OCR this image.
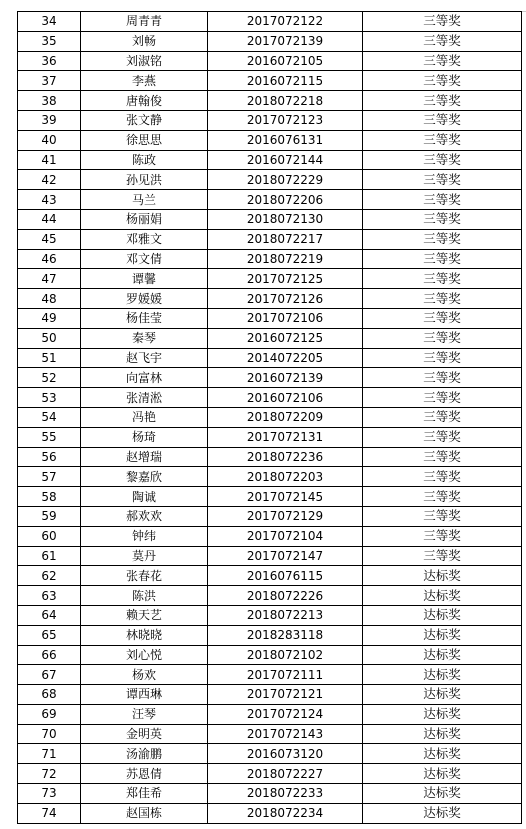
34	周青青	2017072122	三等奖
35	刘畅	2017072139	三等奖
36	刘淑铭	2016072105	三等奖
37	李燕	2016072115	三等奖
38	唐翰俊	2018072218	三等奖
39	张文静	2017072123	三等奖
40	徐思思	2016076131	三等奖
41	陈政	2016072144	三等奖
42	孙见洪	2018072229	三等奖
43	马兰	2018072206	三等奖
44	杨丽娟	2018072130	三等奖
45	邓雅文	2018072217	三等奖
46	邓文倩	2018072219	三等奖
47	谭馨	2017072125	三等奖
48	罗媛媛	2017072126	三等奖
49	杨佳莹	2017072106	三等奖
50	秦琴	2016072125	三等奖
51	赵飞宇	2014072205	三等奖
52	向富林	2016072139	三等奖
53	张清淞	2016072106	三等奖
54	冯艳	2018072209	三等奖
55	杨琦	2017072131	三等奖
56	赵增瑞	2018072236	三等奖
57	黎嘉欣	2018072203	三等奖
58	陶诚	2017072145	三等奖
59	郝欢欢	2017072129	三等奖
60	钟纬	2017072104	三等奖
61	莫丹	2017072147	三等奖
62	张春花	2016076115	达标奖
63	陈洪	2018072226	达标奖
64	赖天艺	2018072213	达标奖
65	林晓晓	2018283118	达标奖
66	刘心悦	2018072102	达标奖
67	杨欢	2017072111	达标奖
68	谭西琳	2017072121	达标奖
69	汪琴	2017072124	达标奖
70	金明英	2017072143	达标奖
71	汤渝鹏	2016073120	达标奖
72	苏恩倩	2018072227	达标奖
73	郑佳希	2018072233	达标奖
74	赵国栋	2018072234	达标奖
